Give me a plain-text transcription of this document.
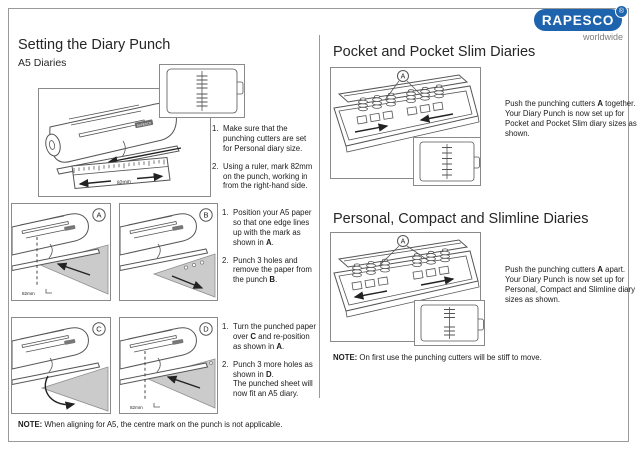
RAPESCO
®
worldwide
Setting the Diary Punch
A5 Diaries
RAPESCO
82mm
1. Make sure that the punching cutters are set for Personal diary size.
2. Using a ruler, mark 82mm on the punch, working in from the right-hand side.
82mm
A	B 1. Position your A5 paper so that one edge lines up with the mark as shown in A.
2. Punch 3 holes and remove the paper from the punch B.
C
82mm
D 1. Turn the punched paper over C and re-position as shown in A.
2. Punch 3 more holes as shown in D.
The punched sheet will now fit an A5 diary.
NOTE: When aligning for A5, the centre mark on the punch is not applicable.
Pocket and Pocket Slim Diaries
A
Push the punching cutters A together. Your Diary Punch is now set up for Pocket and Pocket Slim diary sizes as shown.
Personal, Compact and Slimline Diaries
A
Push the punching cutters A apart. Your Diary Punch is now set up for Personal, Compact and Slimline diary sizes as shown.
NOTE: On first use the punching cutters will be stiff to move.
